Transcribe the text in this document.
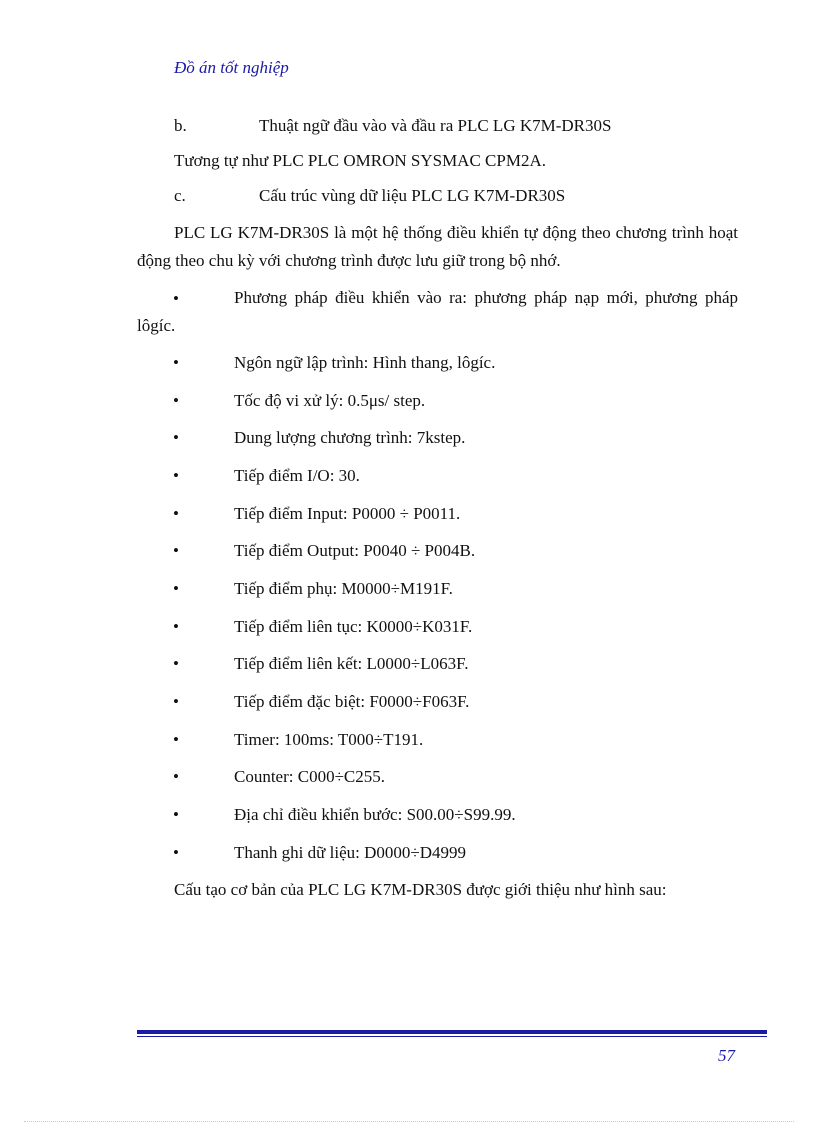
Đồ án tốt nghiệp
b.	Thuật ngữ đầu vào và đầu ra PLC LG K7M-DR30S
Tương tự như PLC PLC OMRON SYSMAC CPM2A.
c.	Cấu trúc vùng dữ liệu PLC LG K7M-DR30S
PLC LG K7M-DR30S là một hệ thống điều khiển tự động theo chương trình hoạt động theo chu kỳ với chương trình được lưu giữ trong bộ nhớ.
•	Phương pháp điều khiển vào ra: phương pháp nạp mới, phương pháp lôgíc.
•	Ngôn ngữ lập trình: Hình thang, lôgíc.
•	Tốc độ vi xử lý: 0.5μs/ step.
•	Dung lượng chương trình: 7kstep.
•	Tiếp điểm I/O: 30.
•	Tiếp điểm Input: P0000 ÷ P0011.
•	Tiếp điểm Output: P0040 ÷ P004B.
•	Tiếp điểm phụ: M0000÷M191F.
•	Tiếp điểm liên tục: K0000÷K031F.
•	Tiếp điểm liên kết: L0000÷L063F.
•	Tiếp điểm đặc biệt: F0000÷F063F.
•	Timer: 100ms: T000÷T191.
•	Counter: C000÷C255.
•	Địa chỉ điều khiển bước: S00.00÷S99.99.
•	Thanh ghi dữ liệu: D0000÷D4999
Cấu tạo cơ bản của PLC LG K7M-DR30S được giới thiệu như hình sau:
57
